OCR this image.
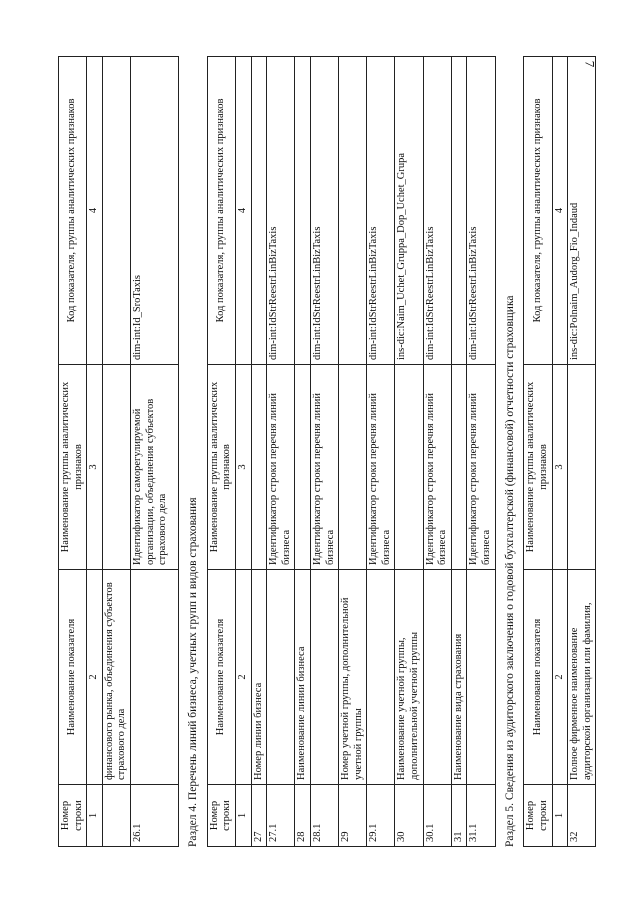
7
Номер строки	Наименование показателя	Наименование группы аналитических признаков	Код показателя, группы аналитических признаков
1	2	3	4
	финансового рынка, объединения субъектов страхового дела		
26.1		Идентификатор саморегулируемой организации, объединения субъектов страхового дела	dim-int:Id_SroTaxis
Раздел 4. Перечень линий бизнеса, учетных групп и видов страхования Номер строки	Наименование показателя	Наименование группы аналитических признаков	Код показателя, группы аналитических признаков
1	2	3	4
27	Номер линии бизнеса		
27.1		Идентификатор строки перечня линий бизнеса	dim-int:IdStrReestrLinBizTaxis
28	Наименование линии бизнеса		
28.1		Идентификатор строки перечня линий бизнеса	dim-int:IdStrReestrLinBizTaxis
29	Номер учетной группы, дополнительной учетной группы		
29.1		Идентификатор строки перечня линий бизнеса	dim-int:IdStrReestrLinBizTaxis
30	Наименование учетной группы, дополнительной учетной группы		ins-dic:Naim_Uchet_Gruppa_Dop_Uchet_Grupa
30.1		Идентификатор строки перечня линий бизнеса	dim-int:IdStrReestrLinBizTaxis
31	Наименование вида страхования		
31.1		Идентификатор строки перечня линий бизнеса	dim-int:IdStrReestrLinBizTaxis
Раздел 5. Сведения из аудиторского заключения о годовой бухгалтерской (финансовой) отчетности страховщика Номер строки	Наименование показателя	Наименование группы аналитических признаков	Код показателя, группы аналитических признаков
1	2	3	4
32	Полное фирменное наименование аудиторской организации или фамилия,		ins-dic:Polnaim_Audorg_Fio_Indaud
